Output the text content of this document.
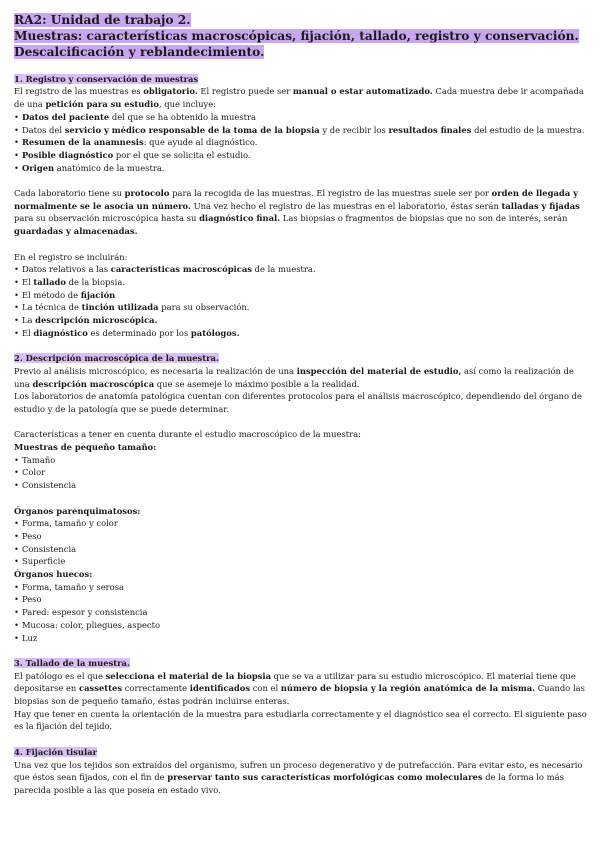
RA2: Unidad de trabajo 2.

Muestras: características macroscópicas, fijación, tallado, registro y conservación.

Descalcificación y reblandecimiento.

1. Registro y conservación de muestras

El registro de las muestras es obligatorio. El registro puede ser manual o estar automatizado. Cada muestra debe ir acompañada de una petición para su estudio, que incluye:

• Datos del paciente del que se ha obtenido la muestra
• Datos del servicio y médico responsable de la toma de la biopsia y de recibir los resultados finales del estudio de la muestra.
• Resumen de la anamnesis: que ayude al diagnóstico.
• Posible diagnóstico por el que se solicita el estudio.
• Origen anatómico de la muestra.

Cada laboratorio tiene su protocolo para la recogida de las muestras. El registro de las muestras suele ser por orden de llegada y normalmente se le asocia un número. Una vez hecho el registro de las muestras en el laboratorio, éstas serán talladas y fijadas para su observación microscópica hasta su diagnóstico final. Las biopsias o fragmentos de biopsias que no son de interés, serán guardadas y almacenadas.

En el registro se incluirán:

• Datos relativos a las características macroscópicas de la muestra.
• El tallado de la biopsia.
• El método de fijación
• La técnica de tinción utilizada para su observación.
• La descripción microscópica.
• El diagnóstico es determinado por los patólogos.

2. Descripción macroscópica de la muestra.

Previo al análisis microscópico, es necesaria la realización de una inspección del material de estudio, así como la realización de una descripción macroscópica que se asemeje lo máximo posible a la realidad.

Los laboratorios de anatomía patológica cuentan con diferentes protocolos para el análisis macroscópico, dependiendo del órgano de estudio y de la patología que se puede determinar.

Características a tener en cuenta durante el estudio macroscópico de la muestra:

Muestras de pequeño tamaño:

• Tamaño
• Color
• Consistencia

Órganos parenquimatosos:

• Forma, tamaño y color
• Peso
• Consistencia
• Superficie

Órganos huecos:

• Forma, tamaño y serosa
• Peso
• Pared: espesor y consistencia
• Mucosa: color, pliegues, aspecto
• Luz

3. Tallado de la muestra.

El patólogo es el que selecciona el material de la biopsia que se va a utilizar para su estudio microscópico. El material tiene que depositarse en cassettes correctamente identificados con el número de biopsia y la región anatómica de la misma. Cuando las biopsias son de pequeño tamaño, éstas podrán incluirse enteras.

Hay que tener en cuenta la orientación de la muestra para estudiarla correctamente y el diagnóstico sea el correcto. El siguiente paso es la fijación del tejido.

4. Fijación tisular

Una vez que los tejidos son extraídos del organismo, sufren un proceso degenerativo y de putrefacción. Para evitar esto, es necesario que éstos sean fijados, con el fin de preservar tanto sus características morfológicas como moleculares de la forma lo más parecida posible a las que poseía en estado vivo.
